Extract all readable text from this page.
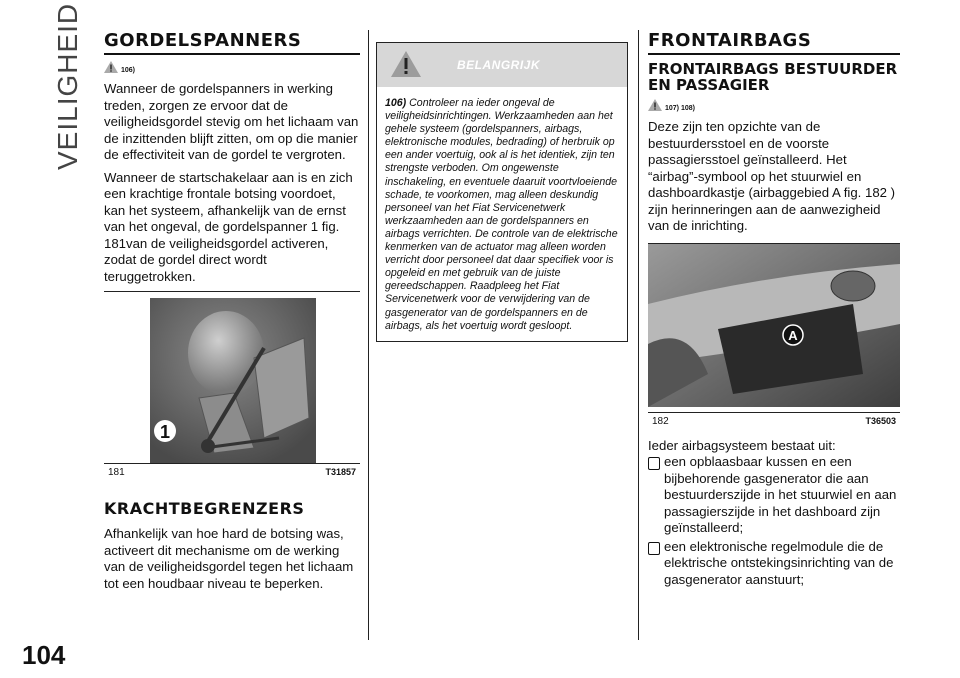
VEILIGHEID
104
GORDELSPANNERS
106)

Wanneer de gordelspanners in werking treden, zorgen ze ervoor dat de veiligheidsgordel stevig om het lichaam van de inzittenden blijft zitten, om op die manier de effectiviteit van de gordel te vergroten.

Wanneer de startschakelaar aan is en zich een krachtige frontale botsing voordoet, kan het systeem, afhankelijk van de ernst van het ongeval, de gordelspanner 1 fig. 181van de veiligheidsgordel activeren, zodat de gordel direct wordt teruggetrokken.

1
181	T31857
KRACHTBEGRENZERS

Afhankelijk van hoe hard de botsing was, activeert dit mechanisme om de werking van de veiligheidsgordel tegen het lichaam tot een houdbaar niveau te beperken.

BELANGRIJK
106) Controleer na ieder ongeval de veiligheidsinrichtingen. Werkzaamheden aan het gehele systeem (gordelspanners, airbags, elektronische modules, bedrading) of herbruik op een ander voertuig, ook al is het identiek, zijn ten strengste verboden. Om ongewenste inschakeling, en eventuele daaruit voortvloeiende schade, te voorkomen, mag alleen deskundig personeel van het Fiat Servicenetwerk werkzaamheden aan de gordelspanners en airbags verrichten. De controle van de elektrische kenmerken van de actuator mag alleen worden verricht door personeel dat daar specifiek voor is opgeleid en met gebruik van de juiste gereedschappen. Raadpleeg het Fiat Servicenetwerk voor de verwijdering van de gasgenerator van de gordelspanners en de airbags, als het voertuig wordt gesloopt.
FRONTAIRBAGS
FRONTAIRBAGS BESTUURDER EN PASSAGIER
107) 108)

Deze zijn ten opzichte van de bestuurdersstoel en de voorste passagiersstoel geïnstalleerd. Het “airbag”-symbool op het stuurwiel en dashboardkastje (airbaggebied A fig. 182 ) zijn herinneringen aan de aanwezigheid van de inrichting.

A
182	T36503

Ieder airbagsysteem bestaat uit:

een opblaasbaar kussen en een bijbehorende gasgenerator die aan bestuurderszijde in het stuurwiel en aan passagierszijde in het dashboard zijn geïnstalleerd;

een elektronische regelmodule die de elektrische ontstekingsinrichting van de gasgenerator aanstuurt;
